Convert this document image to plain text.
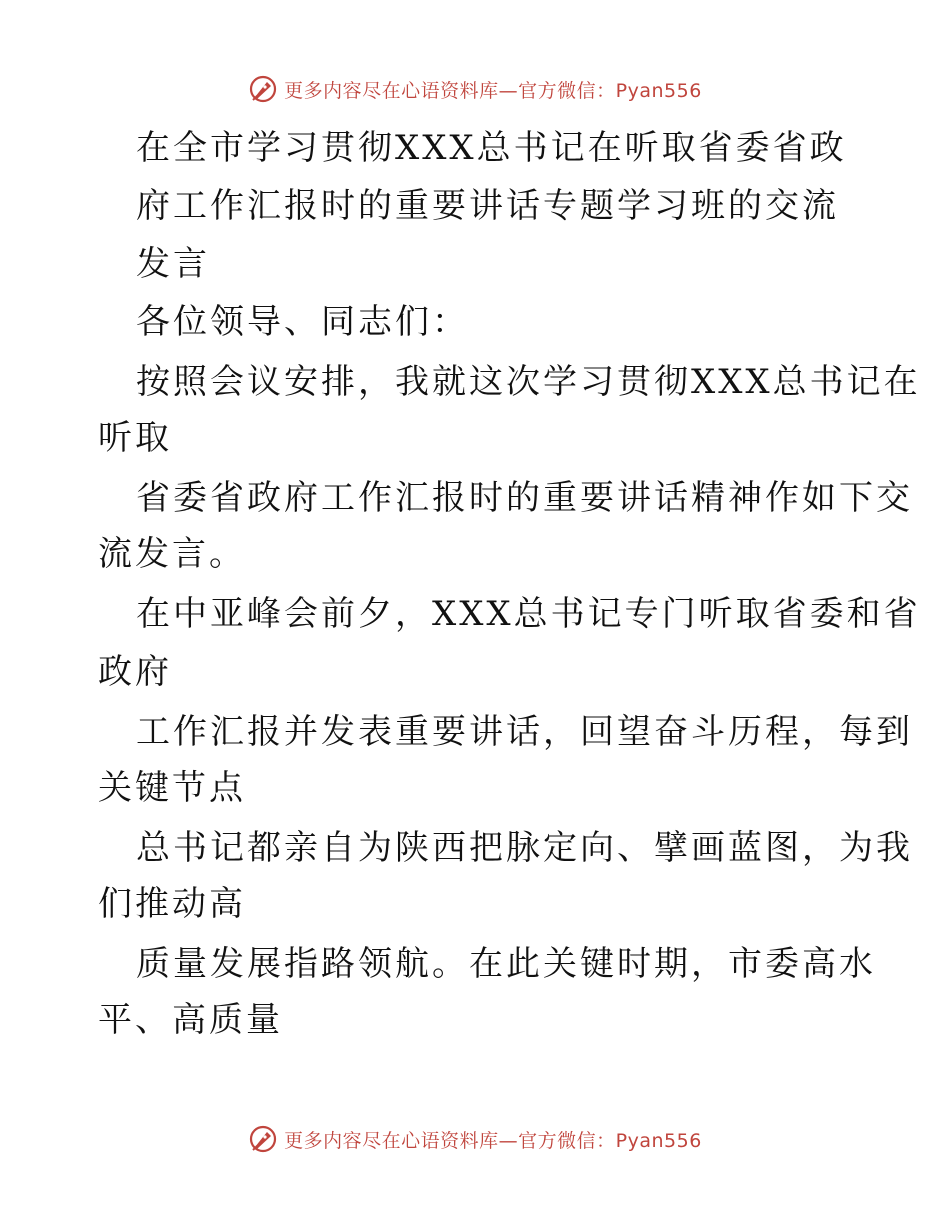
更多内容尽在心语资料库—官方微信：Pyan556
在全市学习贯彻XXX总书记在听取省委省政
府工作汇报时的重要讲话专题学习班的交流
发言
各位领导、同志们：
按照会议安排，我就这次学习贯彻XXX总书记在
听取
省委省政府工作汇报时的重要讲话精神作如下交
流发言。
在中亚峰会前夕，XXX总书记专门听取省委和省
政府
工作汇报并发表重要讲话，回望奋斗历程，每到
关键节点
总书记都亲自为陕西把脉定向、擘画蓝图，为我
们推动高
质量发展指路领航。在此关键时期，市委高水
平、高质量
更多内容尽在心语资料库—官方微信：Pyan556
